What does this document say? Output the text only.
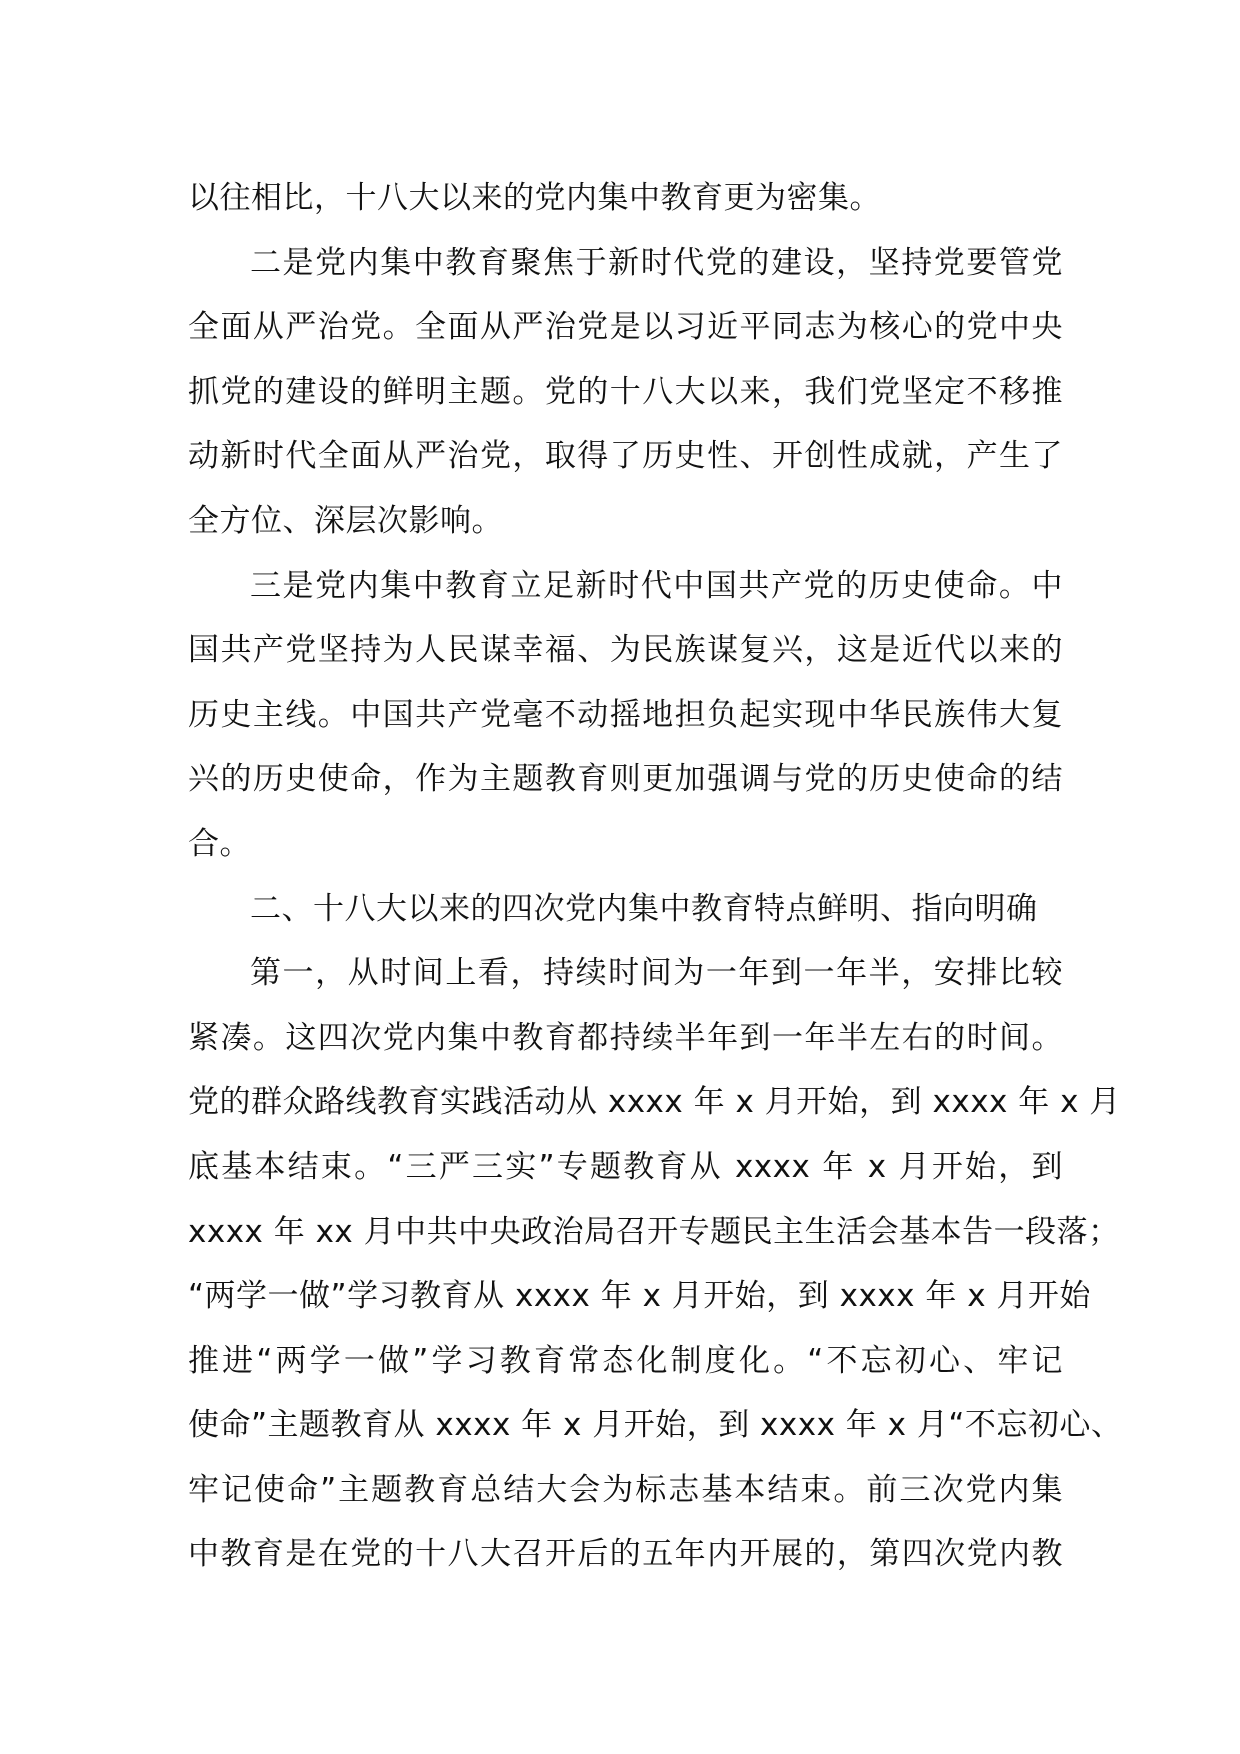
以往相比，十八大以来的党内集中教育更为密集。
二是党内集中教育聚焦于新时代党的建设，坚持党要管党
全面从严治党。全面从严治党是以习近平同志为核心的党中央
抓党的建设的鲜明主题。党的十八大以来，我们党坚定不移推
动新时代全面从严治党，取得了历史性、开创性成就，产生了
全方位、深层次影响。
三是党内集中教育立足新时代中国共产党的历史使命。中
国共产党坚持为人民谋幸福、为民族谋复兴，这是近代以来的
历史主线。中国共产党毫不动摇地担负起实现中华民族伟大复
兴的历史使命，作为主题教育则更加强调与党的历史使命的结
合。
二、十八大以来的四次党内集中教育特点鲜明、指向明确
第一，从时间上看，持续时间为一年到一年半，安排比较
紧凑。这四次党内集中教育都持续半年到一年半左右的时间。
党的群众路线教育实践活动从 xxxx 年 x 月开始，到 xxxx 年 x 月
底基本结束。“三严三实”专题教育从 xxxx 年 x 月开始，到
xxxx 年 xx 月中共中央政治局召开专题民主生活会基本告一段落；
“两学一做”学习教育从 xxxx 年 x 月开始，到 xxxx 年 x 月开始
推进“两学一做”学习教育常态化制度化。“不忘初心、牢记
使命”主题教育从 xxxx 年 x 月开始，到 xxxx 年 x 月“不忘初心、
牢记使命”主题教育总结大会为标志基本结束。前三次党内集
中教育是在党的十八大召开后的五年内开展的，第四次党内教
